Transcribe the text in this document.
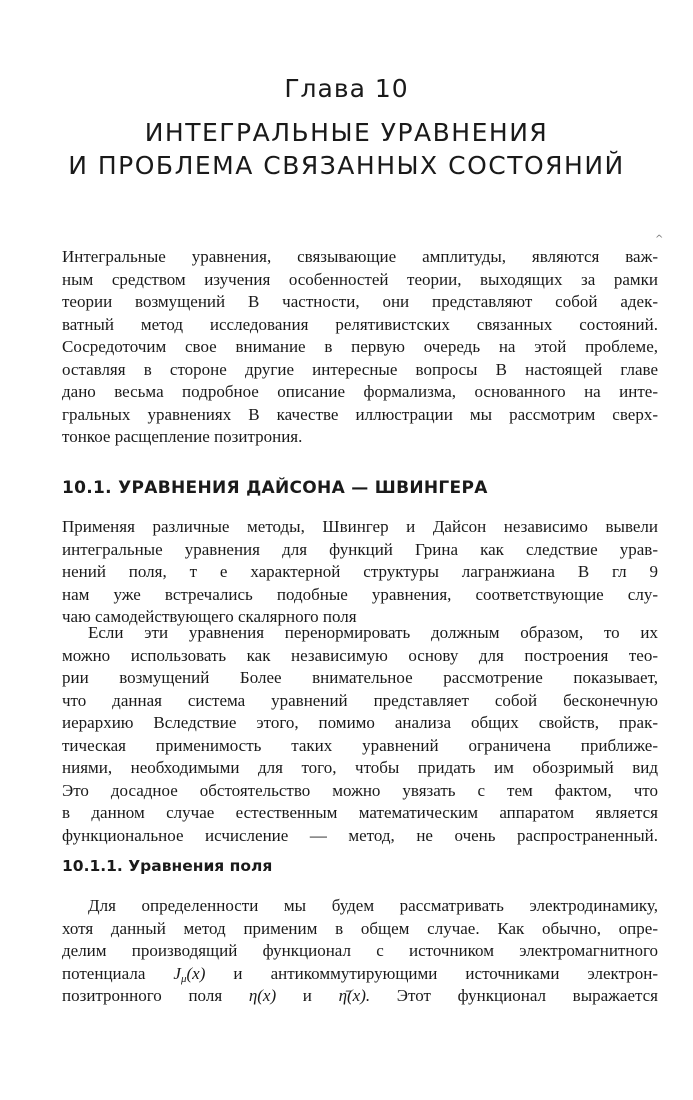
^
Глава 10
ИНТЕГРАЛЬНЫЕ УРАВНЕНИЯ
И ПРОБЛЕМА СВЯЗАННЫХ СОСТОЯНИЙ
Интегральные уравнения, связывающие амплитуды, являются важ-
ным средством изучения особенностей теории, выходящих за рамки
теории возмущений В частности, они представляют собой адек-
ватный метод исследования релятивистских связанных состояний.
Сосредоточим свое внимание в первую очередь на этой проблеме,
оставляя в стороне другие интересные вопросы В настоящей главе
дано весьма подробное описание формализма, основанного на инте-
гральных уравнениях В качестве иллюстрации мы рассмотрим сверх-
тонкое расщепление позитрония.
10.1. УРАВНЕНИЯ ДАЙСОНА — ШВИНГЕРА
Применяя различные методы, Швингер и Дайсон независимо вывели
интегральные уравнения для функций Грина как следствие урав-
нений поля, т е характерной структуры лагранжиана В гл 9
нам уже встречались подобные уравнения, соответствующие слу-
чаю самодействующего скалярного поля
Если эти уравнения перенормировать должным образом, то их
можно использовать как независимую основу для построения тео-
рии возмущений Более внимательное рассмотрение показывает,
что данная система уравнений представляет собой бесконечную
иерархию Вследствие этого, помимо анализа общих свойств, прак-
тическая применимость таких уравнений ограничена приближе-
ниями, необходимыми для того, чтобы придать им обозримый вид
Это досадное обстоятельство можно увязать с тем фактом, что
в данном случае естественным математическим аппаратом является
функциональное исчисление — метод, не очень распространенный.
10.1.1. Уравнения поля
Для определенности мы будем рассматривать электродинамику,
хотя данный метод применим в общем случае. Как обычно, опре-
делим производящий функционал с источником электромагнитного
потенциала $J_\mu(x)$ и антикоммутирующими источниками электрон-
позитронного поля η(x) и η̄(x). Этот функционал выражается
